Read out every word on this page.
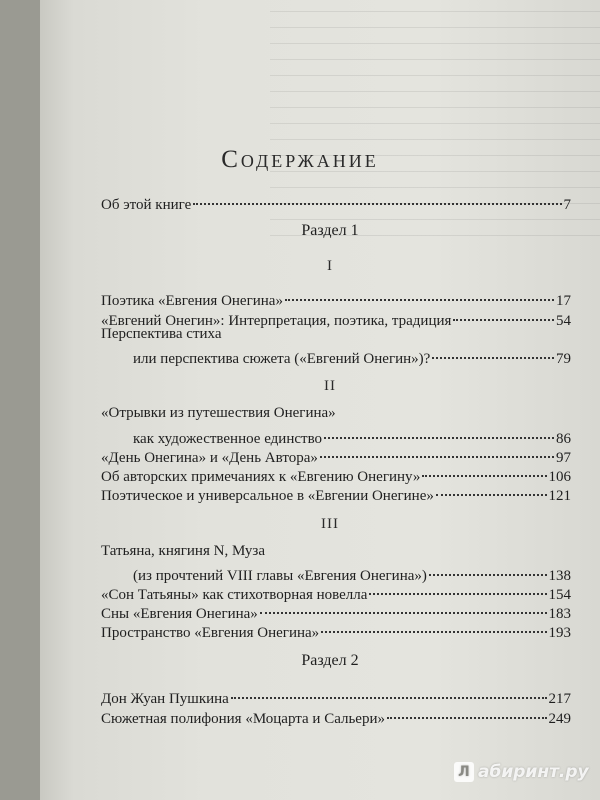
Содержание
Об этой книге	7
Раздел 1
I
Поэтика «Евгения Онегина»	17
«Евгений Онегин»: Интерпретация, поэтика, традиция	54
Перспектива стиха
или перспектива сюжета («Евгений Онегин»)?	79
II
«Отрывки из путешествия Онегина»
как художественное единство	86
«День Онегина» и «День Автора»	97
Об авторских примечаниях к «Евгению Онегину»	106
Поэтическое и универсальное в «Евгении Онегине»	121
III
Татьяна, княгиня N, Муза
(из прочтений VIII главы «Евгения Онегина»)	138
«Сон Татьяны» как стихотворная новелла	154
Сны «Евгения Онегина»	183
Пространство «Евгения Онегина»	193
Раздел 2
Дон Жуан Пушкина	217
Сюжетная полифония «Моцарта и Сальери»	249
Л абиринт.ру
